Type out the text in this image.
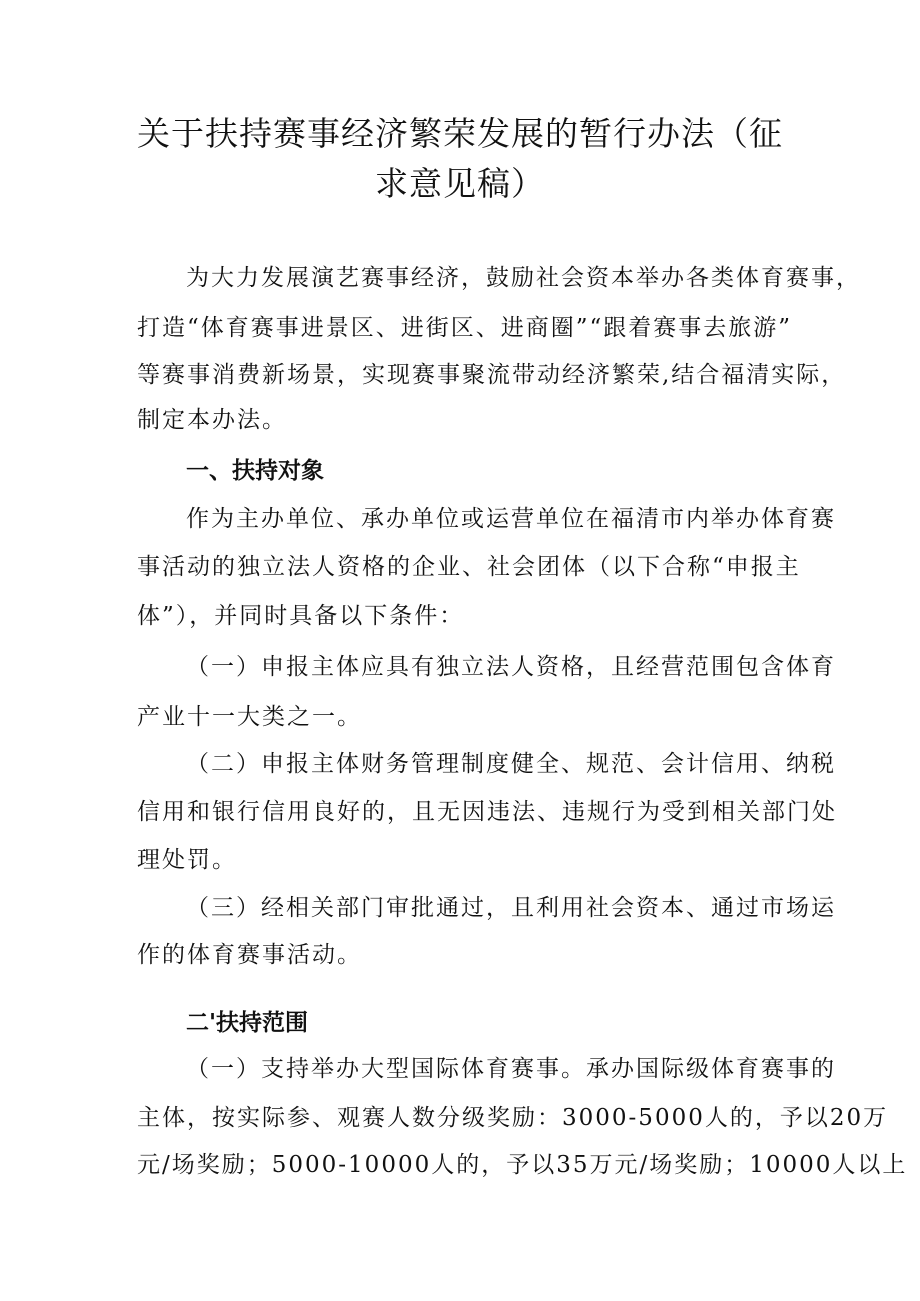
关于扶持赛事经济繁荣发展的暂行办法（征
求意见稿）

为大力发展演艺赛事经济，鼓励社会资本举办各类体育赛事，

打造“体育赛事进景区、进街区、进商圈”“跟着赛事去旅游”

等赛事消费新场景，实现赛事聚流带动经济繁荣,结合福清实际，

制定本办法。

一、扶持对象

作为主办单位、承办单位或运营单位在福清市内举办体育赛

事活动的独立法人资格的企业、社会团体（以下合称“申报主

体”），并同时具备以下条件：

（一）申报主体应具有独立法人资格，且经营范围包含体育

产业十一大类之一。

（二）申报主体财务管理制度健全、规范、会计信用、纳税

信用和银行信用良好的，且无因违法、违规行为受到相关部门处

理处罚。

（三）经相关部门审批通过，且利用社会资本、通过市场运

作的体育赛事活动。

二'扶持范围

（一）支持举办大型国际体育赛事。承办国际级体育赛事的

主体，按实际参、观赛人数分级奖励：3000-5000人的，予以20万

元/场奖励；5000-10000人的，予以35万元/场奖励；10000人以上
